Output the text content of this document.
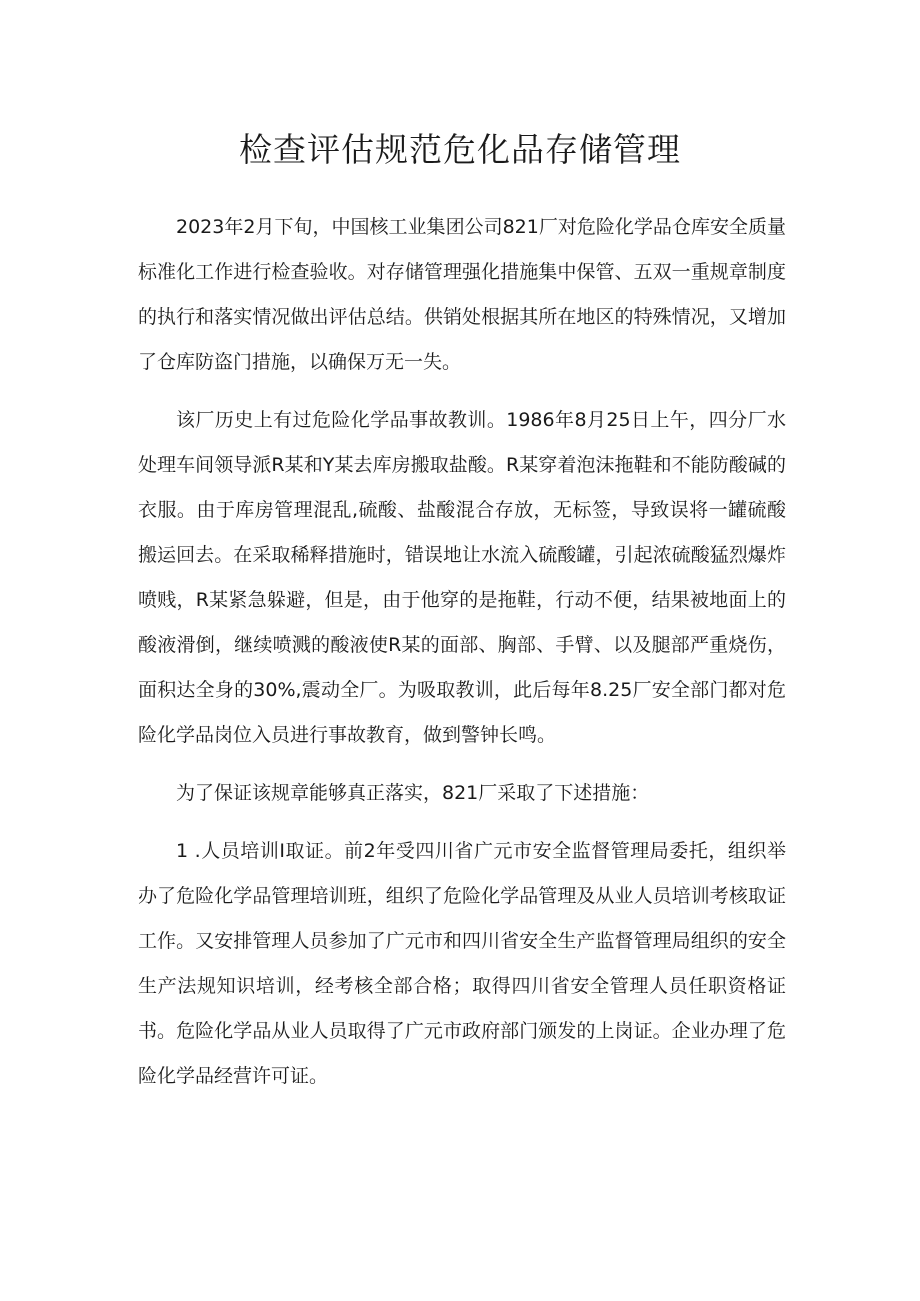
检查评估规范危化品存储管理

2023年2月下旬，中国核工业集团公司821厂对危险化学品仓库安全质量标准化工作进行检查验收。对存储管理强化措施集中保管、五双一重规章制度的执行和落实情况做出评估总结。供销处根据其所在地区的特殊情况，又增加了仓库防盗门措施，以确保万无一失。

该厂历史上有过危险化学品事故教训。1986年8月25日上午，四分厂水处理车间领导派R某和Y某去库房搬取盐酸。R某穿着泡沫拖鞋和不能防酸碱的衣服。由于库房管理混乱,硫酸、盐酸混合存放，无标签，导致误将一罐硫酸搬运回去。在采取稀释措施时，错误地让水流入硫酸罐，引起浓硫酸猛烈爆炸喷贱，R某紧急躲避，但是，由于他穿的是拖鞋，行动不便，结果被地面上的酸液滑倒，继续喷溅的酸液使R某的面部、胸部、手臂、以及腿部严重烧伤，面积达全身的30%,震动全厂。为吸取教训，此后每年8.25厂安全部门都对危险化学品岗位入员进行事故教育，做到警钟长鸣。

为了保证该规章能够真正落实，821厂采取了下述措施：

1 .人员培训I取证。前2年受四川省广元市安全监督管理局委托，组织举办了危险化学品管理培训班，组织了危险化学品管理及从业人员培训考核取证工作。又安排管理人员参加了广元市和四川省安全生产监督管理局组织的安全生产法规知识培训，经考核全部合格；取得四川省安全管理人员任职资格证书。危险化学品从业人员取得了广元市政府部门颁发的上岗证。企业办理了危险化学品经营许可证。
